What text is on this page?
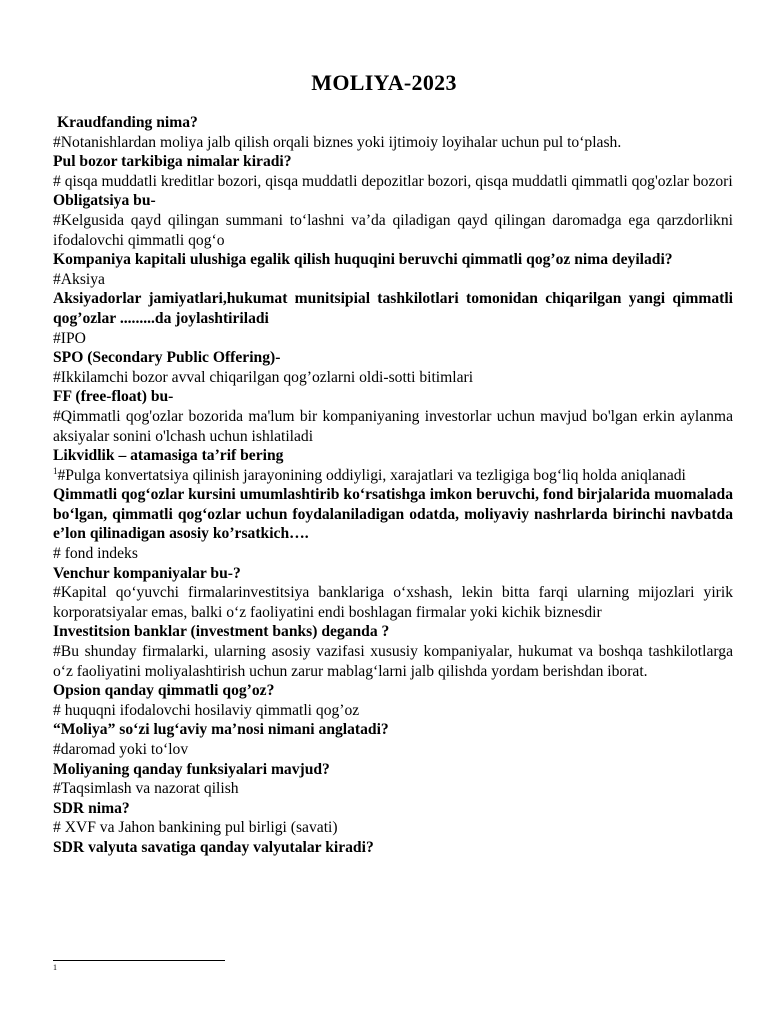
MOLIYA-2023
Kraudfanding nima?
#Notanishlardan moliya jalb qilish orqali biznes yoki ijtimoiy loyihalar uchun pul to‘plash.
Pul bozor tarkibiga nimalar kiradi?
# qisqa muddatli kreditlar bozori, qisqa muddatli depozitlar bozori, qisqa muddatli qimmatli qog'ozlar bozori
Obligatsiya bu-
#Kelgusida qayd qilingan summani to‘lashni va’da qiladigan qayd qilingan daromadga ega qarzdorlikni ifodalovchi qimmatli qog‘o
Kompaniya kapitali ulushiga egalik qilish huquqini beruvchi qimmatli qog’oz nima deyiladi?
#Aksiya
Aksiyadorlar jamiyatlari,hukumat munitsipial tashkilotlari tomonidan chiqarilgan yangi qimmatli qog’ozlar .........da joylashtiriladi
#IPO
SPO (Secondary Public Offering)-
#Ikkilamchi bozor avval chiqarilgan qog’ozlarni oldi-sotti bitimlari
FF (free-float) bu-
#Qimmatli qog'ozlar bozorida ma'lum bir kompaniyaning investorlar uchun mavjud bo'lgan erkin aylanma aksiyalar sonini o'lchash uchun ishlatiladi
Likvidlik – atamasiga ta’rif bering
$^1$#Pulga konvertatsiya qilinish jarayonining oddiyligi, xarajatlari va tezligiga bog‘liq holda aniqlanadi
Qimmatli qog‘ozlar kursini umumlashtirib ko‘rsatishga imkon beruvchi, fond birjalarida muomalada bo‘lgan, qimmatli qog‘ozlar uchun foydalaniladigan odatda, moliyaviy nashrlarda birinchi navbatda e’lon qilinadigan asosiy ko’rsatkich….
# fond indeks
Venchur kompaniyalar bu-?
#Kapital qo‘yuvchi firmalarinvestitsiya banklariga o‘xshash, lekin bitta farqi ularning mijozlari yirik korporatsiyalar emas, balki o‘z faoliyatini endi boshlagan firmalar yoki kichik biznesdir
Investitsion banklar (investment banks) deganda ?
#Bu shunday firmalarki, ularning asosiy vazifasi xususiy kompaniyalar, hukumat va boshqa tashkilotlarga o‘z faoliyatini moliyalashtirish uchun zarur mablag‘larni jalb qilishda yordam berishdan iborat.
Opsion qanday qimmatli qog’oz?
# huquqni ifodalovchi hosilaviy qimmatli qog’oz
“Moliya” so‘zi lug‘aviy ma’nosi nimani anglatadi?
#daromad yoki to‘lov
Moliyaning qanday funksiyalari mavjud?
#Taqsimlash va nazorat qilish
SDR nima?
# XVF va Jahon bankining pul birligi (savati)
SDR valyuta savatiga qanday valyutalar kiradi?
1
